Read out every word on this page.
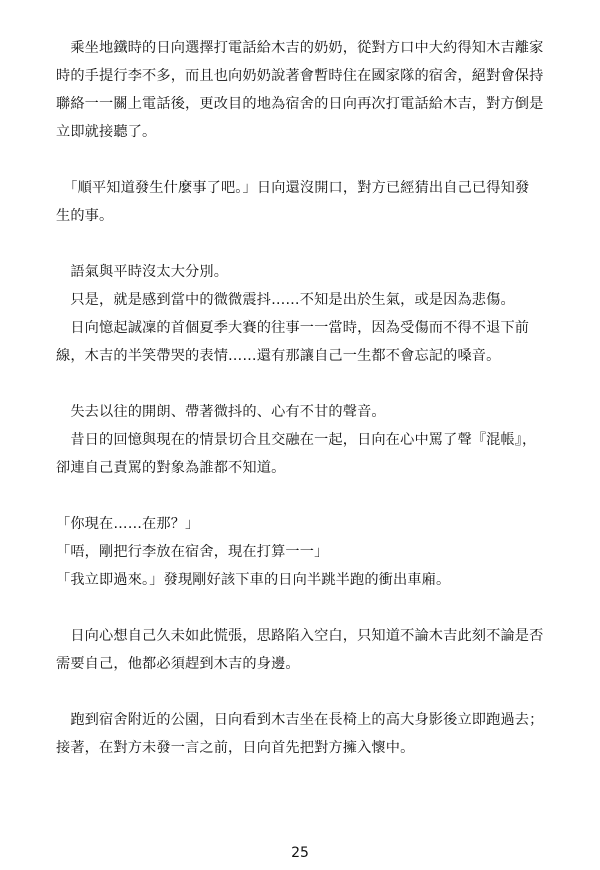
　乘坐地鐵時的日向選擇打電話給木吉的奶奶，從對方口中大約得知木吉離家
時的手提行李不多，而且也向奶奶說著會暫時住在國家隊的宿舍，絕對會保持
聯絡一一關上電話後，更改目的地為宿舍的日向再次打電話給木吉，對方倒是
立即就接聽了。
　「順平知道發生什麼事了吧。」日向還沒開口，對方已經猜出自己已得知發
生的事。
　語氣與平時沒太大分別。
　只是，就是感到當中的微微震抖……不知是出於生氣，或是因為悲傷。
　日向憶起誠凜的首個夏季大賽的往事一一當時，因為受傷而不得不退下前
線，木吉的半笑帶哭的表情……還有那讓自己一生都不會忘記的嗓音。
　失去以往的開朗、帶著微抖的、心有不甘的聲音。
　昔日的回憶與現在的情景切合且交融在一起，日向在心中罵了聲『混帳』，
卻連自己責罵的對象為誰都不知道。
「你現在……在那？」
「唔，剛把行李放在宿舍，現在打算一一」
「我立即過來。」發現剛好該下車的日向半跳半跑的衝出車廂。
　日向心想自己久未如此慌張，思路陷入空白，只知道不論木吉此刻不論是否
需要自己，他都必須趕到木吉的身邊。
　跑到宿舍附近的公園，日向看到木吉坐在長椅上的高大身影後立即跑過去；
接著，在對方未發一言之前，日向首先把對方擁入懷中。
25
